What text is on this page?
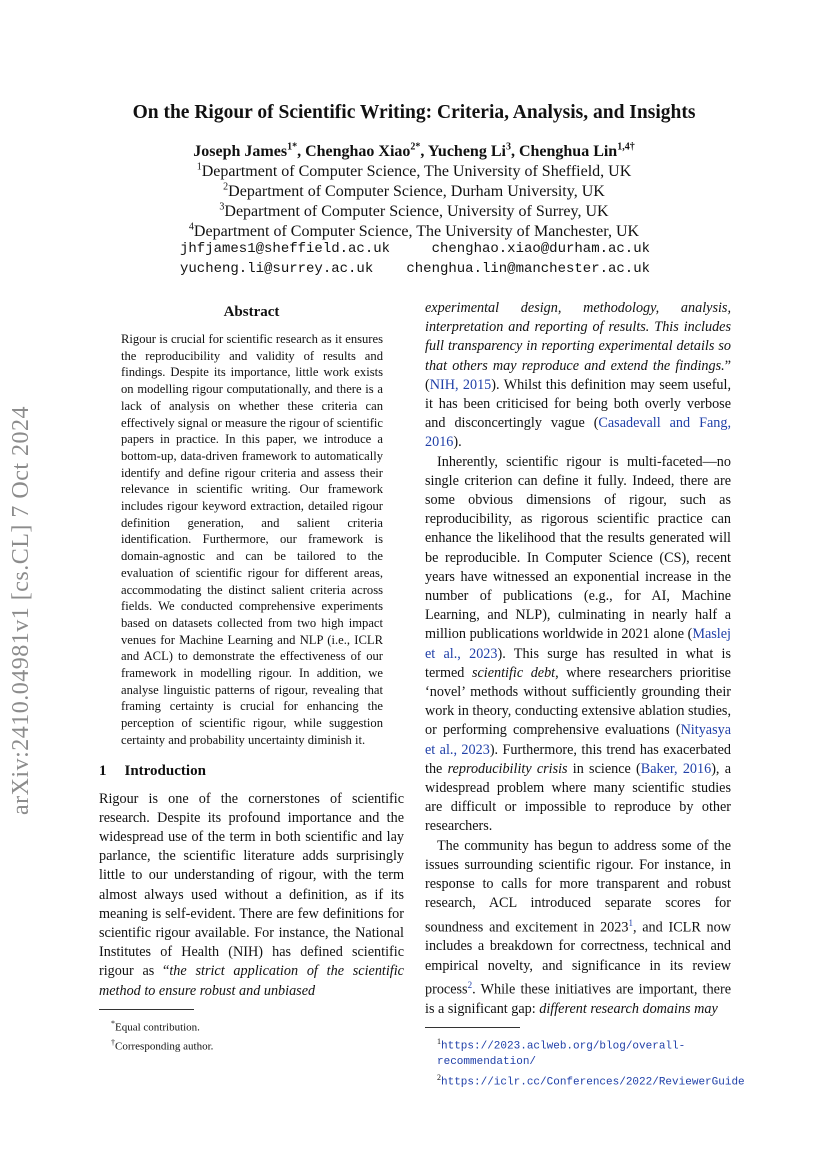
arXiv:2410.04981v1 [cs.CL] 7 Oct 2024
On the Rigour of Scientific Writing: Criteria, Analysis, and Insights
Joseph James$^{1*}$, Chenghao Xiao$^{2*}$, Yucheng Li$^3$, Chenghua Lin$^{1,4\dagger}$
$^1$Department of Computer Science, The University of Sheffield, UK
$^2$Department of Computer Science, Durham University, UK
$^3$Department of Computer Science, University of Surrey, UK
$^4$Department of Computer Science, The University of Manchester, UK
jhfjames1@sheffield.ac.uk	chenghao.xiao@durham.ac.uk
yucheng.li@surrey.ac.uk chenghua.lin@manchester.ac.uk
Abstract

Rigour is crucial for scientific research as it ensures the reproducibility and validity of results and findings. Despite its importance, little work exists on modelling rigour computationally, and there is a lack of analysis on whether these criteria can effectively signal or measure the rigour of scientific papers in practice. In this paper, we introduce a bottom-up, data-driven framework to automatically identify and define rigour criteria and assess their relevance in scientific writing. Our framework includes rigour keyword extraction, detailed rigour definition generation, and salient criteria identification. Furthermore, our framework is domain-agnostic and can be tailored to the evaluation of scientific rigour for different areas, accommodating the distinct salient criteria across fields. We conducted comprehensive experiments based on datasets collected from two high impact venues for Machine Learning and NLP (i.e., ICLR and ACL) to demonstrate the effectiveness of our framework in modelling rigour. In addition, we analyse linguistic patterns of rigour, revealing that framing certainty is crucial for enhancing the perception of scientific rigour, while suggestion certainty and probability uncertainty diminish it.

1 Introduction

Rigour is one of the cornerstones of scientific research. Despite its profound importance and the widespread use of the term in both scientific and lay parlance, the scientific literature adds surprisingly little to our understanding of rigour, with the term almost always used without a definition, as if its meaning is self-evident. There are few definitions for scientific rigour available. For instance, the National Institutes of Health (NIH) has defined scientific rigour as “the strict application of the scientific method to ensure robust and unbiased

*Equal contribution.

†Corresponding author.

experimental design, methodology, analysis, interpretation and reporting of results. This includes full transparency in reporting experimental details so that others may reproduce and extend the findings.” (NIH, 2015). Whilst this definition may seem useful, it has been criticised for being both overly verbose and disconcertingly vague (Casadevall and Fang, 2016).

Inherently, scientific rigour is multi-faceted—no single criterion can define it fully. Indeed, there are some obvious dimensions of rigour, such as reproducibility, as rigorous scientific practice can enhance the likelihood that the results generated will be reproducible. In Computer Science (CS), recent years have witnessed an exponential increase in the number of publications (e.g., for AI, Machine Learning, and NLP), culminating in nearly half a million publications worldwide in 2021 alone (Maslej et al., 2023). This surge has resulted in what is termed scientific debt, where researchers prioritise ‘novel’ methods without sufficiently grounding their work in theory, conducting extensive ablation studies, or performing comprehensive evaluations (Nityasya et al., 2023). Furthermore, this trend has exacerbated the reproducibility crisis in science (Baker, 2016), a widespread problem where many scientific studies are difficult or impossible to reproduce by other researchers.

The community has begun to address some of the issues surrounding scientific rigour. For instance, in response to calls for more transparent and robust research, ACL introduced separate scores for soundness and excitement in 2023$^1$, and ICLR now includes a breakdown for correctness, technical and empirical novelty, and significance in its review process$^2$. While these initiatives are important, there is a significant gap: different research domains may

$^1$https://2023.aclweb.org/blog/overall-recommendation/

$^2$https://iclr.cc/Conferences/2022/ReviewerGuide
